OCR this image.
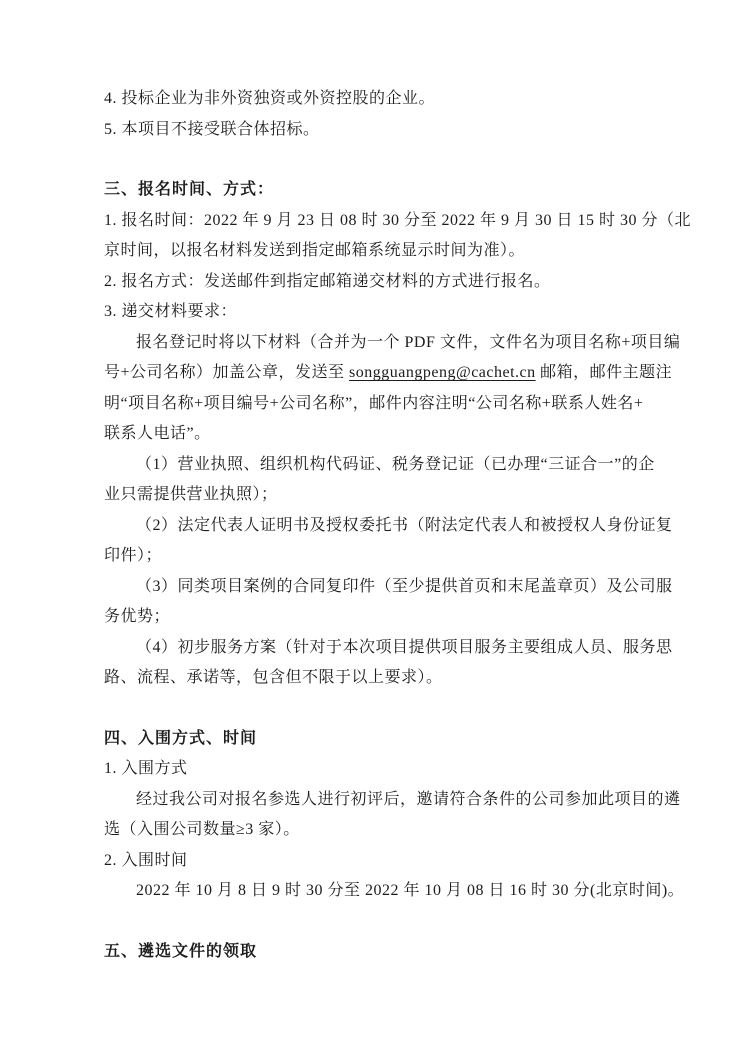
4. 投标企业为非外资独资或外资控股的企业。
5. 本项目不接受联合体招标。
三、报名时间、方式：
1. 报名时间：2022 年 9 月 23 日 08 时 30 分至 2022 年 9 月 30 日 15 时 30 分（北
京时间，以报名材料发送到指定邮箱系统显示时间为准）。
2. 报名方式：发送邮件到指定邮箱递交材料的方式进行报名。
3. 递交材料要求：
报名登记时将以下材料（合并为一个 PDF 文件，文件名为项目名称+项目编
号+公司名称）加盖公章，发送至 songguangpeng@cachet.cn 邮箱，邮件主题注
明“项目名称+项目编号+公司名称”，邮件内容注明“公司名称+联系人姓名+
联系人电话”。
（1）营业执照、组织机构代码证、税务登记证（已办理“三证合一”的企
业只需提供营业执照）；
（2）法定代表人证明书及授权委托书（附法定代表人和被授权人身份证复
印件）；
（3）同类项目案例的合同复印件（至少提供首页和末尾盖章页）及公司服
务优势；
（4）初步服务方案（针对于本次项目提供项目服务主要组成人员、服务思
路、流程、承诺等，包含但不限于以上要求）。
四、入围方式、时间
1. 入围方式
经过我公司对报名参选人进行初评后，邀请符合条件的公司参加此项目的遴
选（入围公司数量≥3 家）。
2. 入围时间
2022 年 10 月 8 日 9 时 30 分至 2022 年 10 月 08 日 16 时 30 分(北京时间)。
五、遴选文件的领取
